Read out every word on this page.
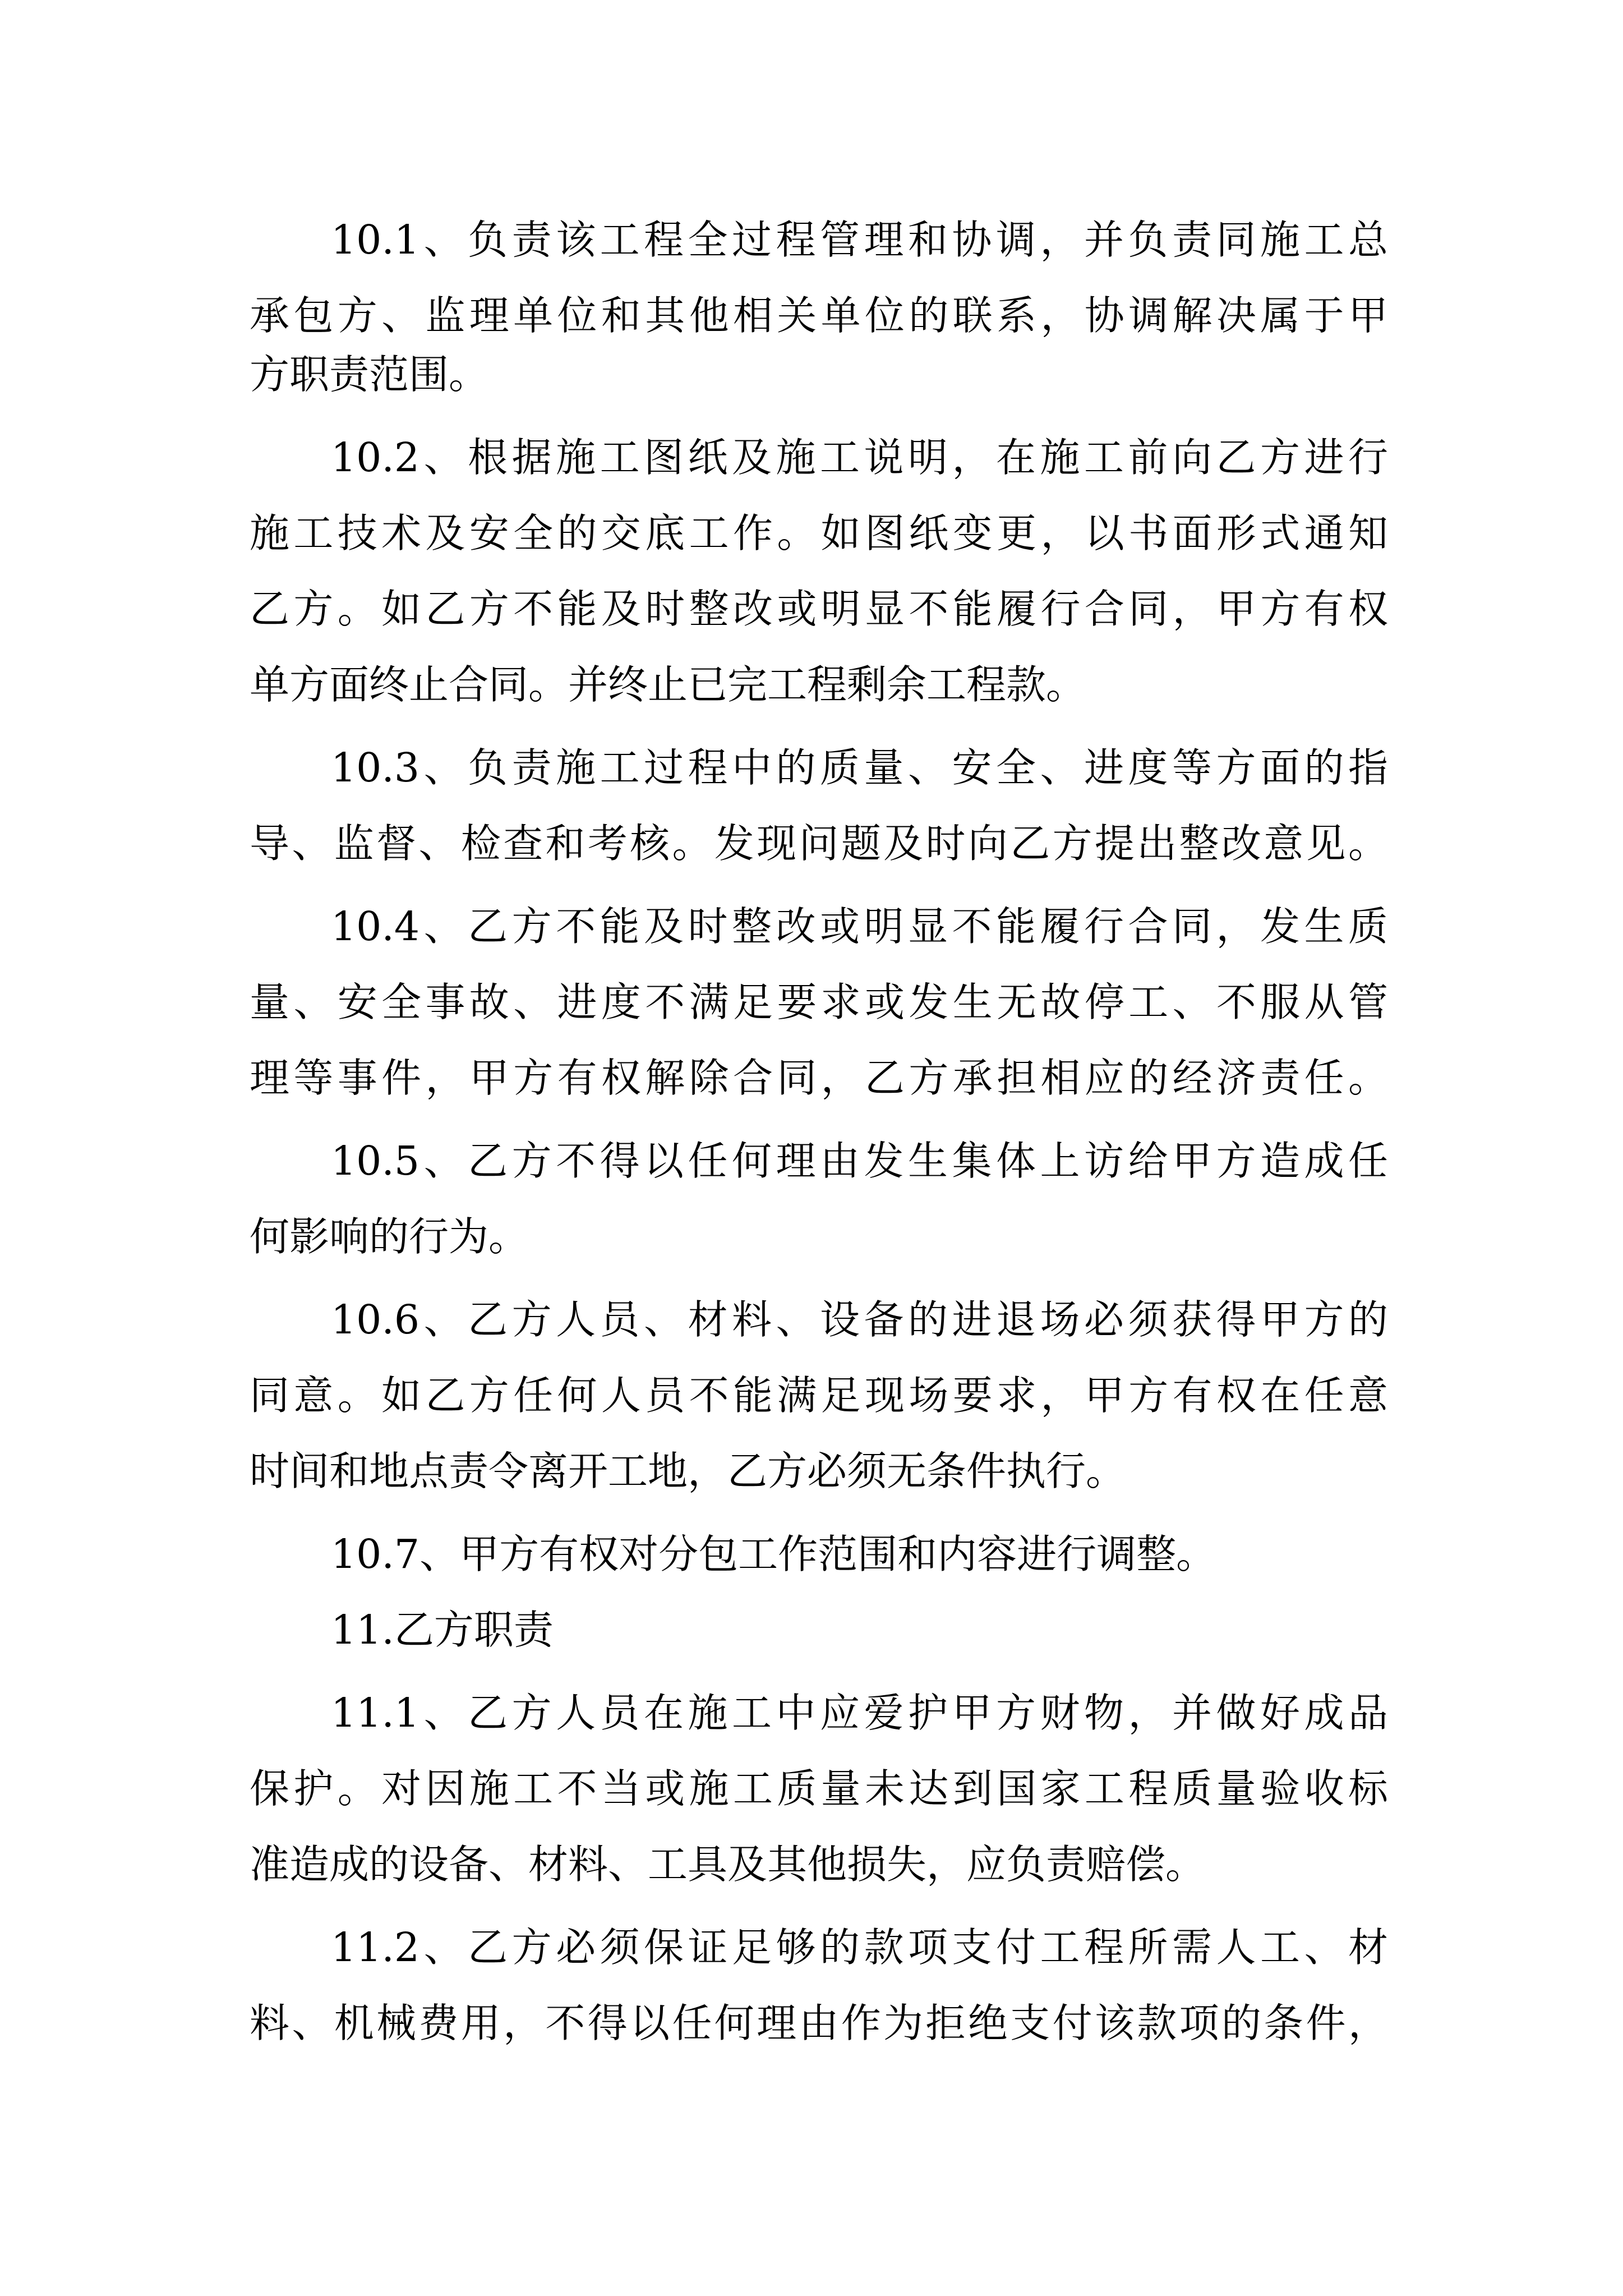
10.1、负责该工程全过程管理和协调，并负责同施工总
承包方、监理单位和其他相关单位的联系，协调解决属于甲
方职责范围。
10.2、根据施工图纸及施工说明，在施工前向乙方进行
施工技术及安全的交底工作。如图纸变更，以书面形式通知
乙方。如乙方不能及时整改或明显不能履行合同，甲方有权
单方面终止合同。并终止已完工程剩余工程款。
10.3、负责施工过程中的质量、安全、进度等方面的指
导、监督、检查和考核。发现问题及时向乙方提出整改意见。
10.4、乙方不能及时整改或明显不能履行合同，发生质
量、安全事故、进度不满足要求或发生无故停工、不服从管
理等事件，甲方有权解除合同，乙方承担相应的经济责任。
10.5、乙方不得以任何理由发生集体上访给甲方造成任
何影响的行为。
10.6、乙方人员、材料、设备的进退场必须获得甲方的
同意。如乙方任何人员不能满足现场要求，甲方有权在任意
时间和地点责令离开工地，乙方必须无条件执行。
10.7、甲方有权对分包工作范围和内容进行调整。
11.乙方职责
11.1、乙方人员在施工中应爱护甲方财物，并做好成品
保护。对因施工不当或施工质量未达到国家工程质量验收标
准造成的设备、材料、工具及其他损失，应负责赔偿。
11.2、乙方必须保证足够的款项支付工程所需人工、材
料、机械费用，不得以任何理由作为拒绝支付该款项的条件，
